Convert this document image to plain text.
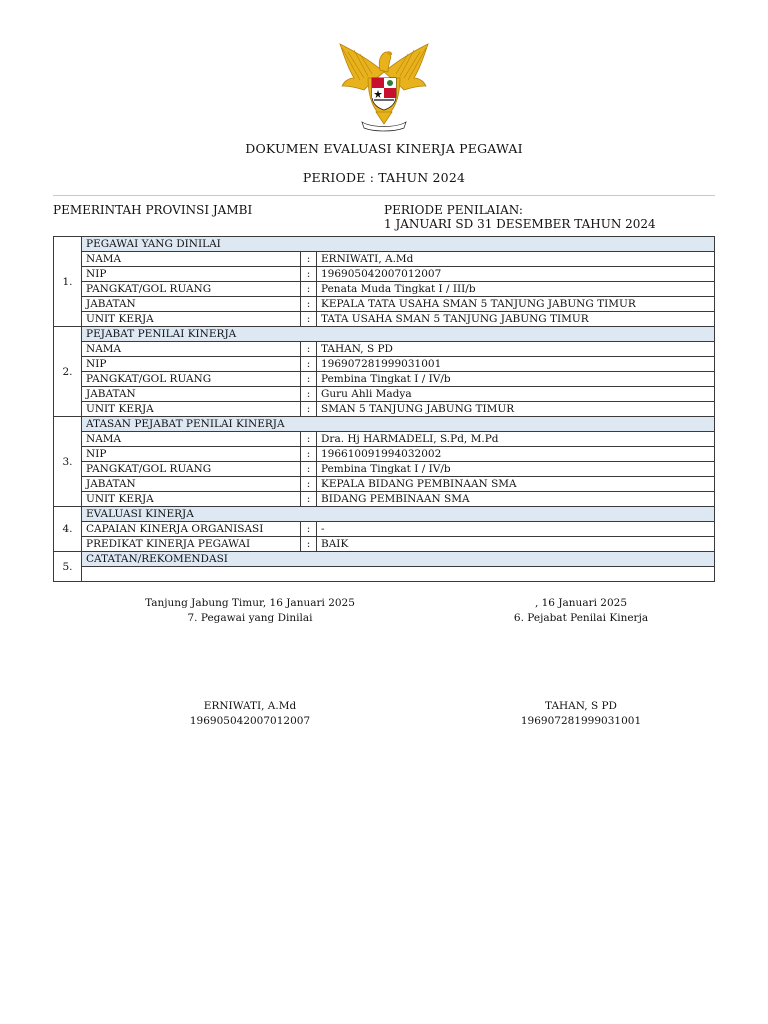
DOKUMEN EVALUASI KINERJA PEGAWAI
PERIODE : TAHUN 2024
PEMERINTAH PROVINSI JAMBI	PERIODE PENILAIAN:
1 JANUARI SD 31 DESEMBER TAHUN 2024
1.	PEGAWAI YANG DINILAI		
	NAMA	:	ERNIWATI, A.Md
	NIP	:	196905042007012007
	PANGKAT/GOL RUANG	:	Penata Muda Tingkat I / III/b
	JABATAN	:	KEPALA TATA USAHA SMAN 5 TANJUNG JABUNG TIMUR
	UNIT KERJA	:	TATA USAHA SMAN 5 TANJUNG JABUNG TIMUR
2.	PEJABAT PENILAI KINERJA		
	NAMA	:	TAHAN, S PD
	NIP	:	196907281999031001
	PANGKAT/GOL RUANG	:	Pembina Tingkat I / IV/b
	JABATAN	:	Guru Ahli Madya
	UNIT KERJA	:	SMAN 5 TANJUNG JABUNG TIMUR
3.	ATASAN PEJABAT PENILAI KINERJA		
	NAMA	:	Dra. Hj HARMADELI, S.Pd, M.Pd
	NIP	:	196610091994032002
	PANGKAT/GOL RUANG	:	Pembina Tingkat I / IV/b
	JABATAN	:	KEPALA BIDANG PEMBINAAN SMA
	UNIT KERJA	:	BIDANG PEMBINAAN SMA
4.	EVALUASI KINERJA		
	CAPAIAN KINERJA ORGANISASI	:	-
	PREDIKAT KINERJA PEGAWAI	:	BAIK
5.	CATATAN/REKOMENDASI		

Tanjung Jabung Timur, 16 Januari 2025
7. Pegawai yang Dinilai
ERNIWATI, A.Md
196905042007012007
, 16 Januari 2025
6. Pejabat Penilai Kinerja
TAHAN, S PD
196907281999031001
